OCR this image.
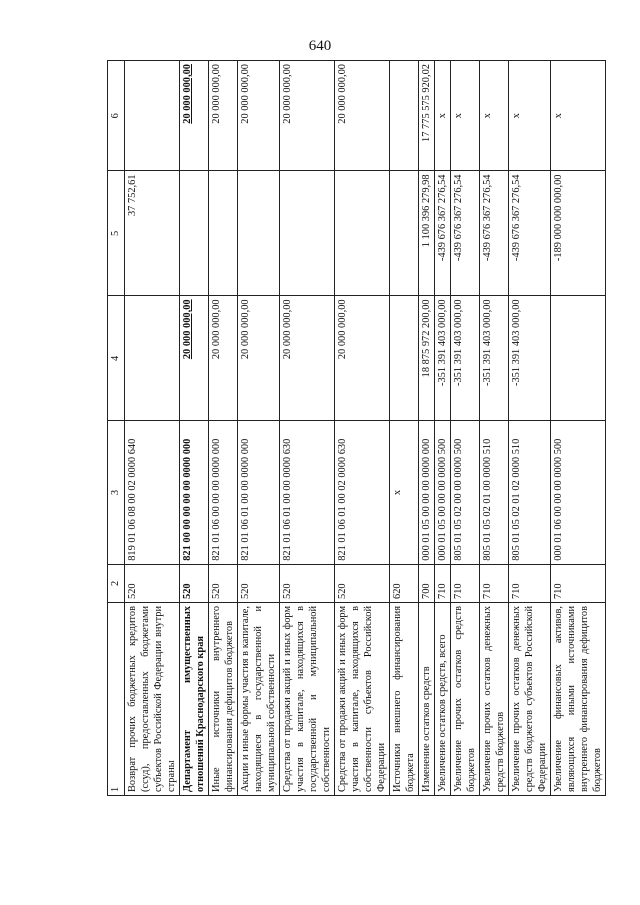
640
1	2	3	4	5	6
Возврат прочих бюджетных кредитов (ссуд), предоставленных бюджетами субъектов Российской Федерации внутри страны	520	819 01 06 08 00 02 0000 640		37 752,61	
Департамент имущественных отношений Краснодарского края	520	821 00 00 00 00 00 0000 000	20 000 000,00		20 000 000,00
Иные источники внутреннего финансирования дефицитов бюджетов	520	821 01 06 00 00 00 0000 000	20 000 000,00		20 000 000,00
Акции и иные формы участия в капитале, находящиеся в государственной и муниципальной собственности	520	821 01 06 01 00 00 0000 000	20 000 000,00		20 000 000,00
Средства от продажи акций и иных форм участия в капитале, находящихся в государственной и муниципальной собственности	520	821 01 06 01 00 00 0000 630	20 000 000,00		20 000 000,00
Средства от продажи акций и иных форм участия в капитале, находящихся в собственности субъектов Российской Федерации	520	821 01 06 01 00 02 0000 630	20 000 000,00		20 000 000,00
Источники внешнего финансирования бюджета	620	х			
Изменение остатков средств	700	000 01 05 00 00 00 0000 000	18 875 972 200,00	1 100 396 279,98	17 775 575 920,02
Увеличение остатков средств, всего	710	000 01 05 00 00 00 0000 500	-351 391 403 000,00	-439 676 367 276,54	х
Увеличение прочих остатков средств бюджетов	710	805 01 05 02 00 00 0000 500	-351 391 403 000,00	-439 676 367 276,54	х
Увеличение прочих остатков денежных средств бюджетов	710	805 01 05 02 01 00 0000 510	-351 391 403 000,00	-439 676 367 276,54	х
Увеличение прочих остатков денежных средств бюджетов субъектов Российской Федерации	710	805 01 05 02 01 02 0000 510	-351 391 403 000,00	-439 676 367 276,54	х
Увеличение финансовых активов, являющихся иными источниками внутреннего финансирования дефицитов бюджетов	710	000 01 06 00 00 00 0000 500		-189 000 000 000,00	х
